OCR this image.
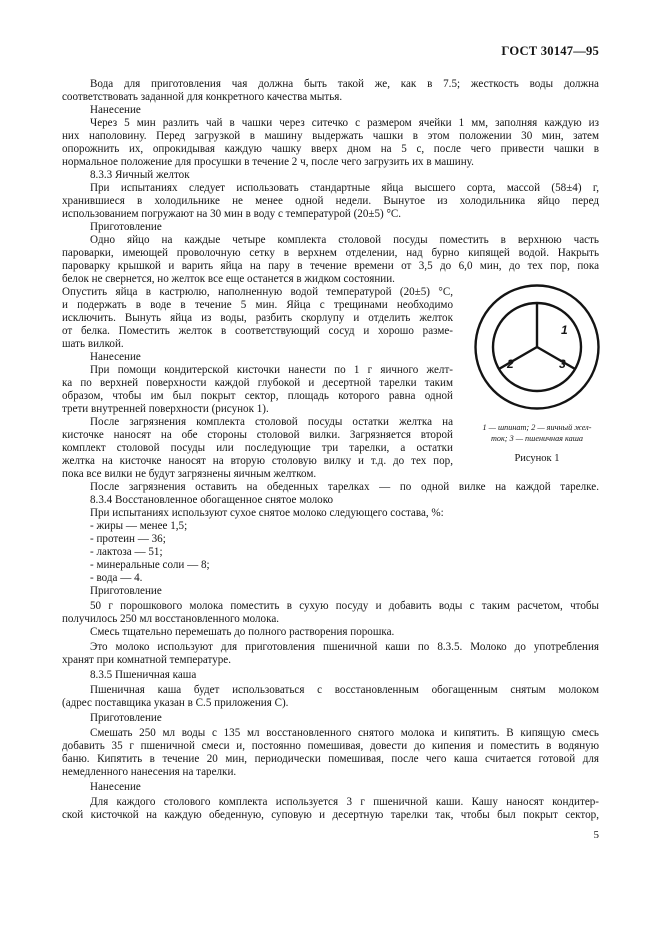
ГОСТ 30147—95
Вода для приготовления чая должна быть такой же, как в 7.5; жесткость воды должна
соответствовать заданной для конкретного качества мытья.
Нанесение
Через 5 мин разлить чай в чашки через ситечко с размером ячейки 1 мм, заполняя каждую из
них наполовину. Перед загрузкой в машину выдержать чашки в этом положении 30 мин, затем
опорожнить их, опрокидывая каждую чашку вверх дном на 5 с, после чего привести чашки в
нормальное положение для просушки в течение 2 ч, после чего загрузить их в машину.
8.3.3 Яичный желток
При испытаниях следует использовать стандартные яйца высшего сорта, массой (58±4) г,
хранившиеся в холодильнике не менее одной недели. Вынутое из холодильника яйцо перед
использованием погружают на 30 мин в воду с температурой (20±5) °С.
Приготовление
Одно яйцо на каждые четыре комплекта столовой посуды поместить в верхнюю часть
пароварки, имеющей проволочную сетку в верхнем отделении, над бурно кипящей водой. Накрыть
пароварку крышкой и варить яйца на пару в течение времени от 3,5 до 6,0 мин, до тех пор, пока
белок не свернется, но желток все еще останется в жидком состоянии.
Опустить яйца в кастрюлю, наполненную водой температурой (20±5) °С,
и подержать в воде в течение 5 мин. Яйца с трещинами необходимо
исключить. Вынуть яйца из воды, разбить скорлупу и отделить желток
от белка. Поместить желток в соответствующий сосуд и хорошо разме-
шать вилкой.
Нанесение
При помощи кондитерской кисточки нанести по 1 г яичного желт-
ка по верхней поверхности каждой глубокой и десертной тарелки таким
образом, чтобы им был покрыт сектор, площадь которого равна одной
трети внутренней поверхности (рисунок 1).
После загрязнения комплекта столовой посуды остатки желтка на
кисточке наносят на обе стороны столовой вилки. Загрязняется второй
комплект столовой посуды или последующие три тарелки, а остатки
желтка на кисточке наносят на вторую столовую вилку и т.д. до тех пор,
пока все вилки не будут загрязнены яичным желтком.
После загрязнения оставить на обеденных тарелках — по одной вилке на каждой тарелке.
8.3.4 Восстановленное обогащенное снятое молоко
При испытаниях используют сухое снятое молоко следующего состава, %:
- жиры — менее 1,5;
- протеин — 36;
- лактоза — 51;
- минеральные соли — 8;
- вода — 4.
Приготовление
50 г порошкового молока поместить в сухую посуду и добавить воды с таким расчетом, чтобы
получилось 250 мл восстановленного молока.
Смесь тщательно перемешать до полного растворения порошка.
Это молоко используют для приготовления пшеничной каши по 8.3.5. Молоко до употребления
хранят при комнатной температуре.
8.3.5 Пшеничная каша
Пшеничная каша будет использоваться с восстановленным обогащенным снятым молоком
(адрес поставщика указан в С.5 приложения С).
Приготовление
Смешать 250 мл воды с 135 мл восстановленного снятого молока и кипятить. В кипящую смесь
добавить 35 г пшеничной смеси и, постоянно помешивая, довести до кипения и поместить в водяную
баню. Кипятить в течение 20 мин, периодически помешивая, после чего каша считается готовой для
немедленного нанесения на тарелки.
Нанесение
Для каждого столового комплекта используется 3 г пшеничной каши. Кашу наносят кондитер-
ской кисточкой на каждую обеденную, суповую и десертную тарелки так, чтобы был покрыт сектор,
1
2	3
1 — шпинат; 2 — яичный жел-
ток; 3 — пшеничная каша
Рисунок 1
5
